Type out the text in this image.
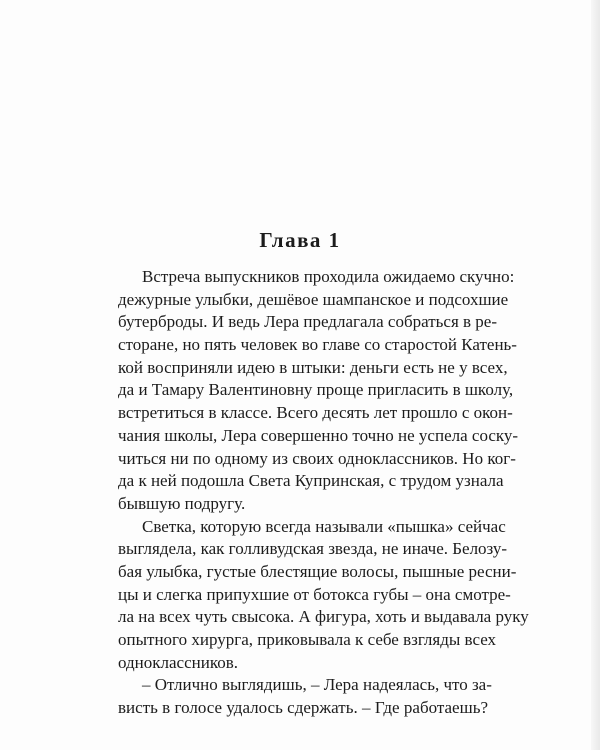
Глава 1

Встреча выпускников проходила ожидаемо скучно:
дежурные улыбки, дешёвое шампанское и подсохшие
бутерброды. И ведь Лера предлагала собраться в ре-
сторане, но пять человек во главе со старостой Катень-
кой восприняли идею в штыки: деньги есть не у всех,
да и Тамару Валентиновну проще пригласить в школу,
встретиться в классе. Всего десять лет прошло с окон-
чания школы, Лера совершенно точно не успела соску-
читься ни по одному из своих одноклассников. Но ког-
да к ней подошла Света Купринская, с трудом узнала
бывшую подругу.

Светка, которую всегда называли «пышка» сейчас
выглядела, как голливудская звезда, не иначе. Белозу-
бая улыбка, густые блестящие волосы, пышные ресни-
цы и слегка припухшие от ботокса губы – она смотре-
ла на всех чуть свысока. А фигура, хоть и выдавала руку
опытного хирурга, приковывала к себе взгляды всех
одноклассников.

– Отлично выглядишь, – Лера надеялась, что за-
висть в голосе удалось сдержать. – Где работаешь?
